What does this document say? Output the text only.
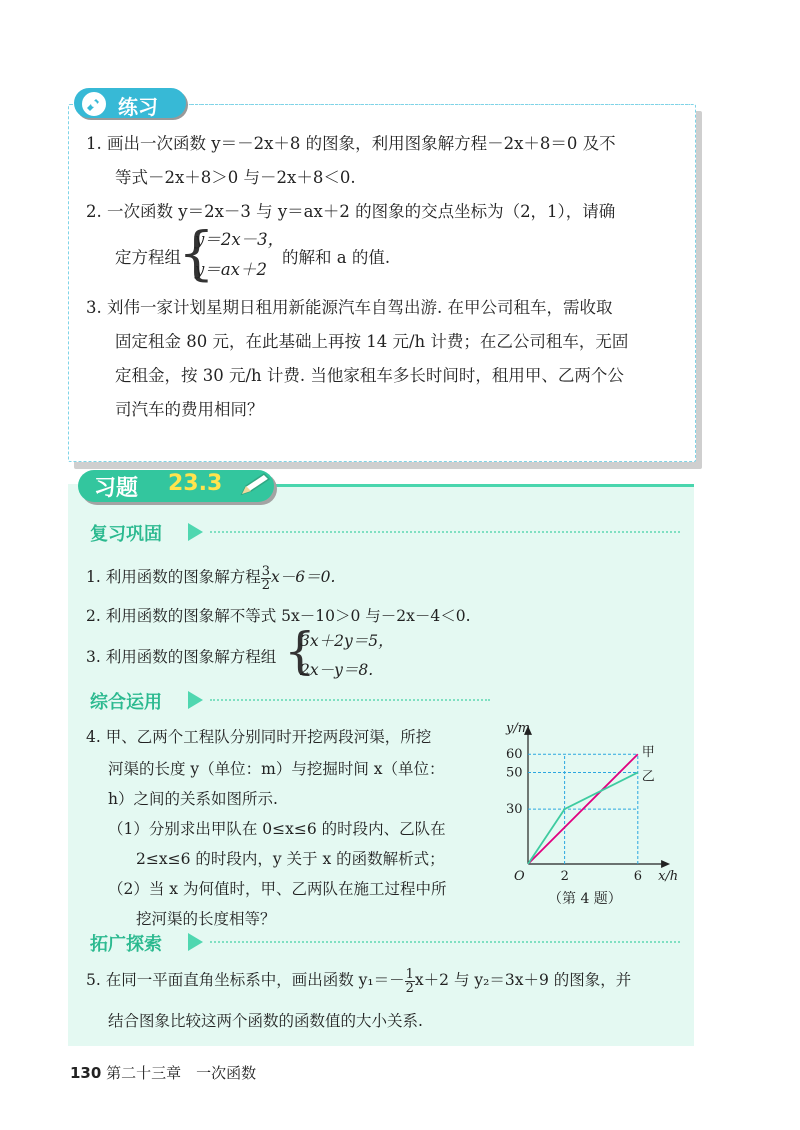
练习
1. 画出一次函数 y＝－2x＋8 的图象，利用图象解方程－2x＋8＝0 及不
等式－2x＋8＞0 与－2x＋8＜0.
2. 一次函数 y＝2x－3 与 y＝ax＋2 的图象的交点坐标为（2，1），请确
定方程组
{
y＝2x－3，
y＝ax＋2
的解和 a 的值.
3. 刘伟一家计划星期日租用新能源汽车自驾出游. 在甲公司租车，需收取
固定租金 80 元，在此基础上再按 14 元/h 计费；在乙公司租车，无固
定租金，按 30 元/h 计费. 当他家租车多长时间时，租用甲、乙两个公
司汽车的费用相同？
习题 23.3
复习巩固
1. 利用函数的图象解方程 $\frac{3}{2} x-6=0$.
2. 利用函数的图象解不等式 5x－10＞0 与－2x－4＜0.
3. 利用函数的图象解方程组 {
3x＋2y＝5，
2x－y＝8.
综合运用
4. 甲、乙两个工程队分别同时开挖两段河渠，所挖
河渠的长度 y（单位：m）与挖掘时间 x（单位：
h）之间的关系如图所示.
（1）分别求出甲队在 0≤x≤6 的时段内、乙队在
2≤x≤6 的时段内，y 关于 x 的函数解析式；
（2）当 x 为何值时，甲、乙两队在施工过程中所
挖河渠的长度相等？
x/h
y/m
O	2	6
30
50
60	甲
乙
（第 4 题）
拓广探索
5. 在同一平面直角坐标系中，画出函数 $y_1=- \frac{1}{2} x+2$ 与 y₂＝3x＋9 的图象，并
结合图象比较这两个函数的函数值的大小关系.
130 第二十三章　一次函数
